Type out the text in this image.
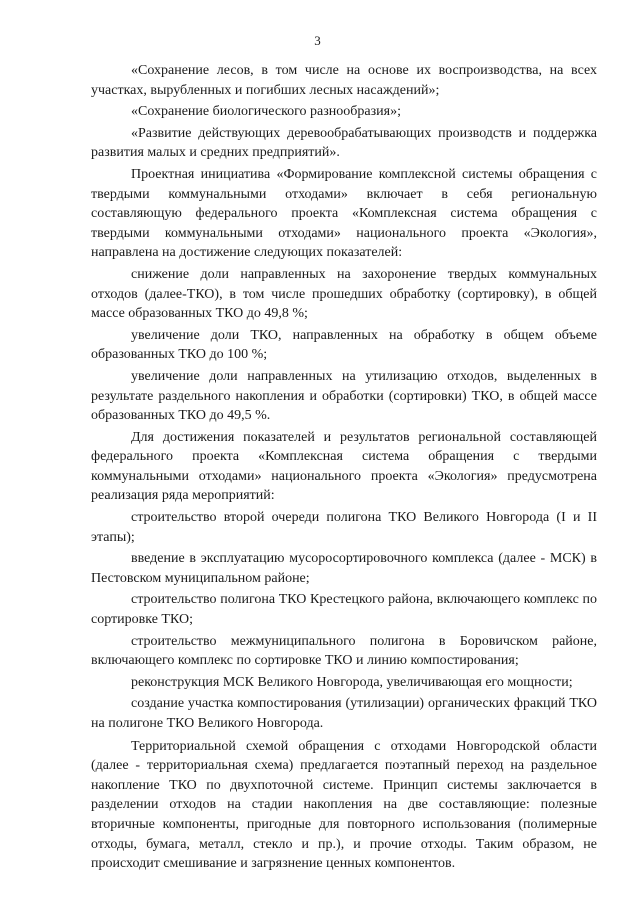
3

«Сохранение лесов, в том числе на основе их воспроизводства, на всех участках, вырубленных и погибших лесных насаждений»;

«Сохранение биологического разнообразия»;

«Развитие действующих деревообрабатывающих производств и поддержка развития малых и средних предприятий».

Проектная инициатива «Формирование комплексной системы обращения с твердыми коммунальными отходами» включает в себя региональную составляющую федерального проекта «Комплексная система обращения с твердыми коммунальными отходами» национального проекта «Экология», направлена на достижение следующих показателей:

снижение доли направленных на захоронение твердых коммунальных отходов (далее-ТКО), в том числе прошедших обработку (сортировку), в общей массе образованных ТКО до 49,8 %;

увеличение доли ТКО, направленных на обработку в общем объеме образованных ТКО до 100 %;

увеличение доли направленных на утилизацию отходов, выделенных в результате раздельного накопления и обработки (сортировки) ТКО, в общей массе образованных ТКО до 49,5 %.

Для достижения показателей и результатов региональной составляющей федерального проекта «Комплексная система обращения с твердыми коммунальными отходами» национального проекта «Экология» предусмотрена реализация ряда мероприятий:

строительство второй очереди полигона ТКО Великого Новгорода (I и II этапы);

введение в эксплуатацию мусоросортировочного комплекса (далее - МСК) в Пестовском муниципальном районе;

строительство полигона ТКО Крестецкого района, включающего комплекс по сортировке ТКО;

строительство межмуниципального полигона в Боровичском районе, включающего комплекс по сортировке ТКО и линию компостирования;

реконструкция МСК Великого Новгорода, увеличивающая его мощности;

создание участка компостирования (утилизации) органических фракций ТКО на полигоне ТКО Великого Новгорода.

Территориальной схемой обращения с отходами Новгородской области (далее - территориальная схема) предлагается поэтапный переход на раздельное накопление ТКО по двухпоточной системе. Принцип системы заключается в разделении отходов на стадии накопления на две составляющие: полезные вторичные компоненты, пригодные для повторного использования (полимерные отходы, бумага, металл, стекло и пр.), и прочие отходы. Таким образом, не происходит смешивание и загрязнение ценных компонентов.
